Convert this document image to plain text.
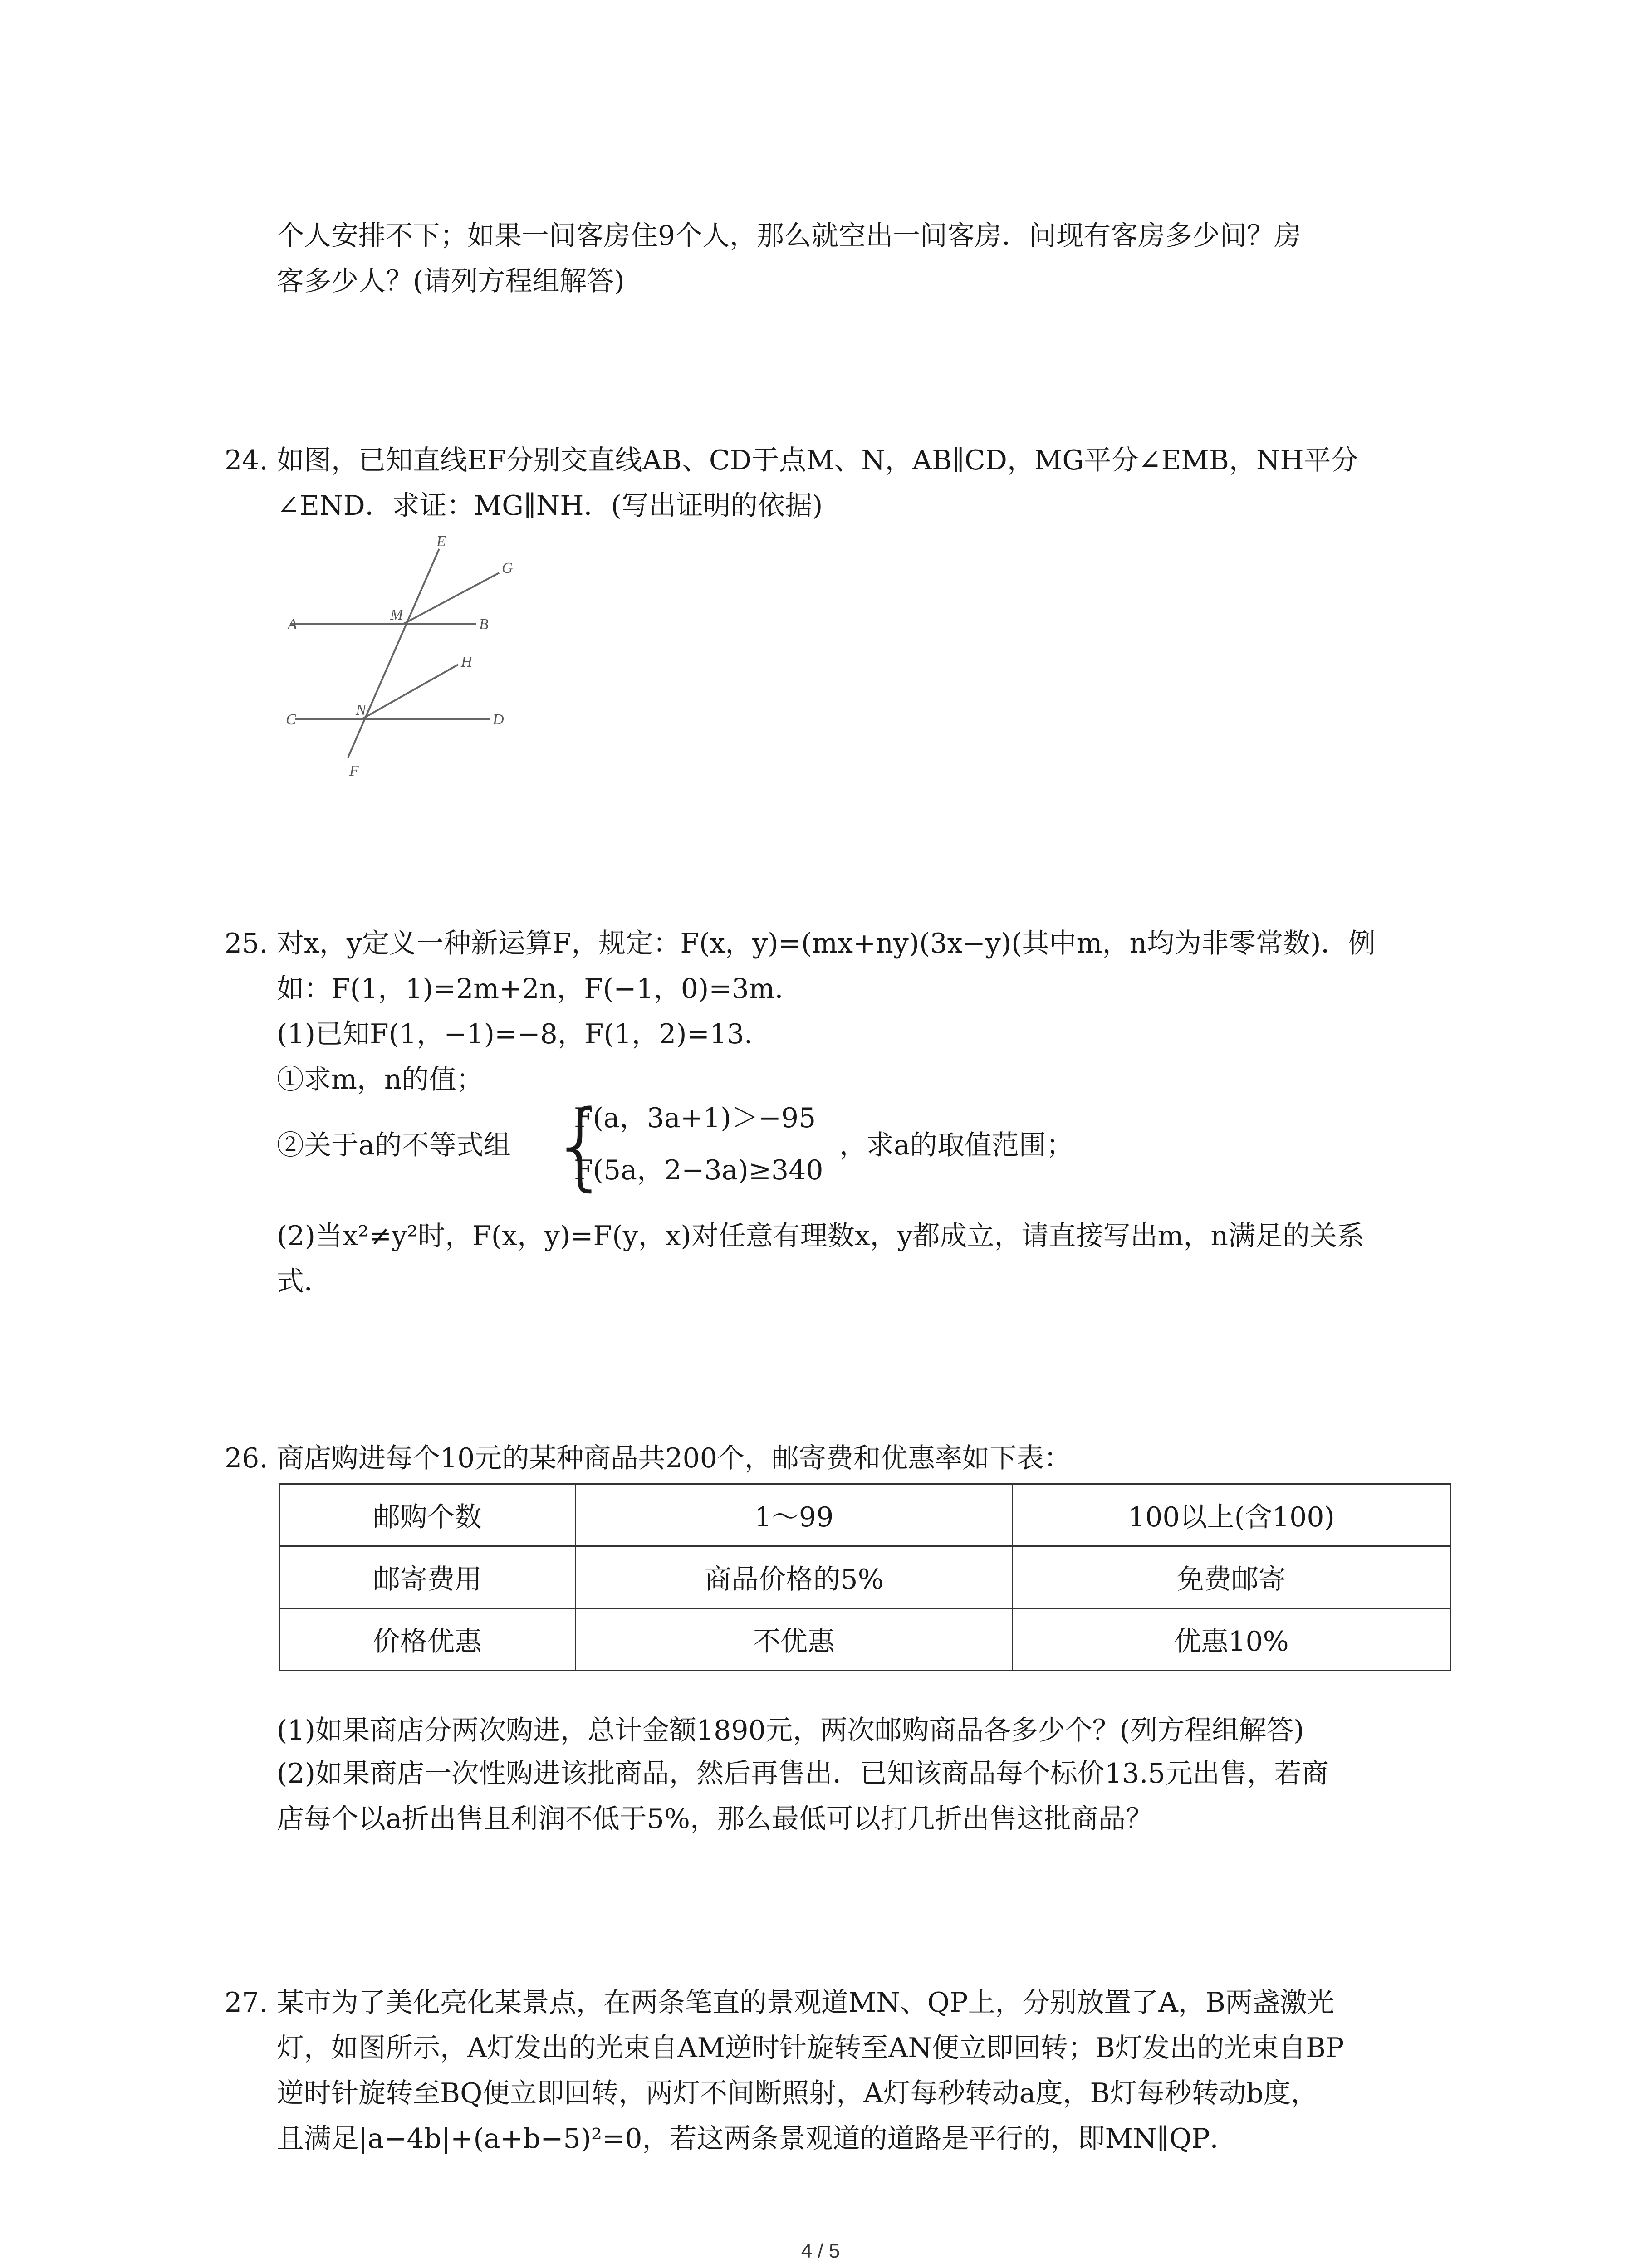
个人安排不下；如果一间客房住9个人，那么就空出一间客房．问现有客房多少间？房
客多少人？(请列方程组解答)
24. 如图，已知直线EF分别交直线AB、CD于点M、N，AB∥CD，MG平分∠EMB，NH平分
∠END．求证：MG∥NH．(写出证明的依据)
E
G
A
M
B
H
C
N
D
F
25. 对x，y定义一种新运算F，规定：F(x，y)=(mx+ny)(3x−y)(其中m，n均为非零常数)．例
如：F(1，1)=2m+2n，F(−1，0)=3m．
(1)已知F(1，−1)=−8，F(1，2)=13．
①求m，n的值；
②关于a的不等式组 {
F(a，3a+1)＞−95
F(5a，2−3a)≥340
，求a的取值范围；
(2)当x²≠y²时，F(x，y)=F(y，x)对任意有理数x，y都成立，请直接写出m，n满足的关系
式．
26. 商店购进每个10元的某种商品共200个，邮寄费和优惠率如下表：
邮购个数	1～99	100以上(含100)
邮寄费用	商品价格的5%	免费邮寄
价格优惠	不优惠	优惠10%
(1)如果商店分两次购进，总计金额1890元，两次邮购商品各多少个？(列方程组解答)
(2)如果商店一次性购进该批商品，然后再售出．已知该商品每个标价13.5元出售，若商
店每个以a折出售且利润不低于5%，那么最低可以打几折出售这批商品？
27. 某市为了美化亮化某景点，在两条笔直的景观道MN、QP上，分别放置了A，B两盏激光
灯，如图所示，A灯发出的光束自AM逆时针旋转至AN便立即回转；B灯发出的光束自BP
逆时针旋转至BQ便立即回转，两灯不间断照射，A灯每秒转动a度，B灯每秒转动b度，
且满足|a−4b|+(a+b−5)²=0，若这两条景观道的道路是平行的，即MN∥QP．
4 / 5
